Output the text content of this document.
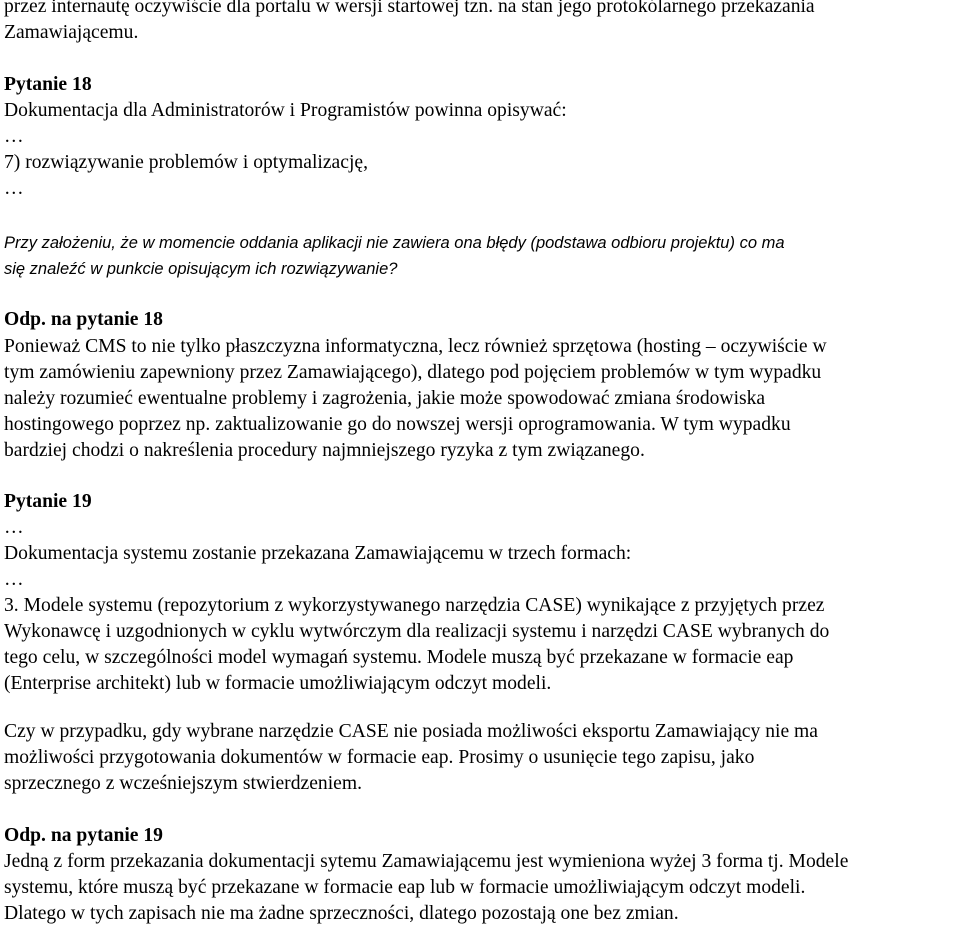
przez internautę oczywiście dla portalu w wersji startowej tzn. na stan jego protokólarnego przekazania
Zamawiającemu.
Pytanie 18
Dokumentacja dla Administratorów i Programistów powinna opisywać:
…
7) rozwiązywanie problemów i optymalizację,
…
Przy założeniu, że w momencie oddania aplikacji nie zawiera ona błędy (podstawa odbioru projektu) co ma
się znaleźć w punkcie opisującym ich rozwiązywanie?
Odp. na pytanie 18
Ponieważ CMS to nie tylko płaszczyzna informatyczna, lecz również sprzętowa (hosting – oczywiście w
tym zamówieniu zapewniony przez Zamawiającego), dlatego pod pojęciem problemów w tym wypadku
należy rozumieć ewentualne problemy i zagrożenia, jakie może spowodować zmiana środowiska
hostingowego poprzez np. zaktualizowanie go do nowszej wersji oprogramowania. W tym wypadku
bardziej chodzi o nakreślenia procedury najmniejszego ryzyka z tym związanego.
Pytanie 19
…
Dokumentacja systemu zostanie przekazana Zamawiającemu w trzech formach:
…
3. Modele systemu (repozytorium z wykorzystywanego narzędzia CASE) wynikające z przyjętych przez
Wykonawcę i uzgodnionych w cyklu wytwórczym dla realizacji systemu i narzędzi CASE wybranych do
tego celu, w szczególności model wymagań systemu. Modele muszą być przekazane w formacie eap
(Enterprise architekt) lub w formacie umożliwiającym odczyt modeli.
Czy w przypadku, gdy wybrane narzędzie CASE nie posiada możliwości eksportu Zamawiający nie ma
możliwości przygotowania dokumentów w formacie eap. Prosimy o usunięcie tego zapisu, jako
sprzecznego z wcześniejszym stwierdzeniem.
Odp. na pytanie 19
Jedną z form przekazania dokumentacji sytemu Zamawiającemu jest wymieniona wyżej 3 forma tj. Modele
systemu, które muszą być przekazane w formacie eap lub w formacie umożliwiającym odczyt modeli.
Dlatego w tych zapisach nie ma żadne sprzeczności, dlatego pozostają one bez zmian.
